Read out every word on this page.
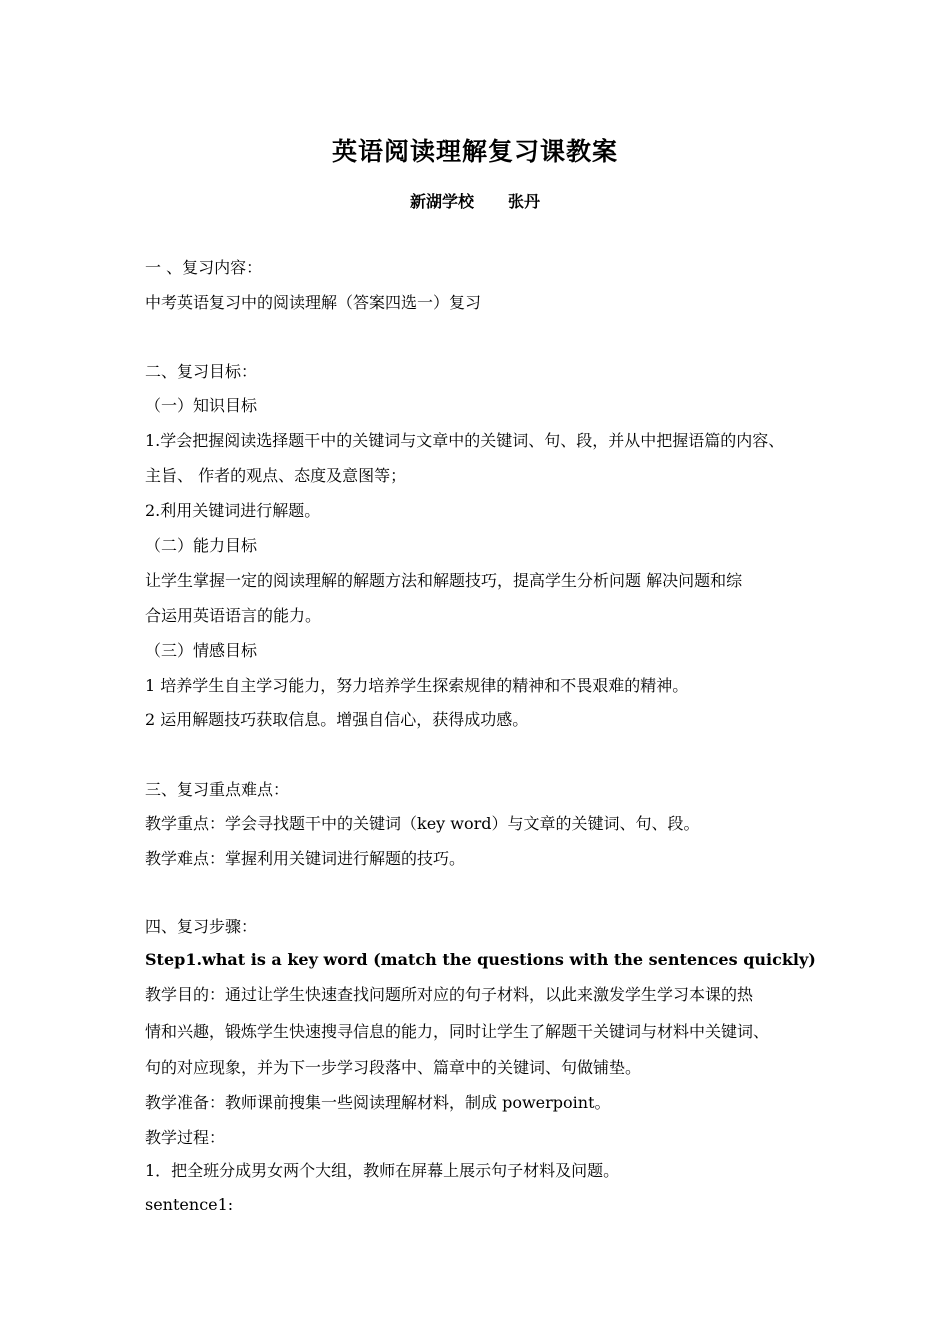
英语阅读理解复习课教案
新湖学校 张丹
一 、复习内容：
中考英语复习中的阅读理解（答案四选一）复习
二、复习目标：
（一）知识目标
1.学会把握阅读选择题干中的关键词与文章中的关键词、句、段，并从中把握语篇的内容、
主旨、 作者的观点、态度及意图等；
2.利用关键词进行解题。
（二）能力目标
让学生掌握一定的阅读理解的解题方法和解题技巧，提高学生分析问题 解决问题和综
合运用英语语言的能力。
（三）情感目标
1 培养学生自主学习能力，努力培养学生探索规律的精神和不畏艰难的精神。
2 运用解题技巧获取信息。增强自信心，获得成功感。
三、复习重点难点：
教学重点：学会寻找题干中的关键词（key word）与文章的关键词、句、段。
教学难点：掌握利用关键词进行解题的技巧。
四、复习步骤：
Step1.what is a key word (match the questions with the sentences quickly)
教学目的：通过让学生快速查找问题所对应的句子材料，以此来激发学生学习本课的热
情和兴趣，锻炼学生快速搜寻信息的能力，同时让学生了解题干关键词与材料中关键词、
句的对应现象，并为下一步学习段落中、篇章中的关键词、句做铺垫。
教学准备：教师课前搜集一些阅读理解材料，制成 powerpoint。
教学过程：
1．把全班分成男女两个大组，教师在屏幕上展示句子材料及问题。
sentence1:
